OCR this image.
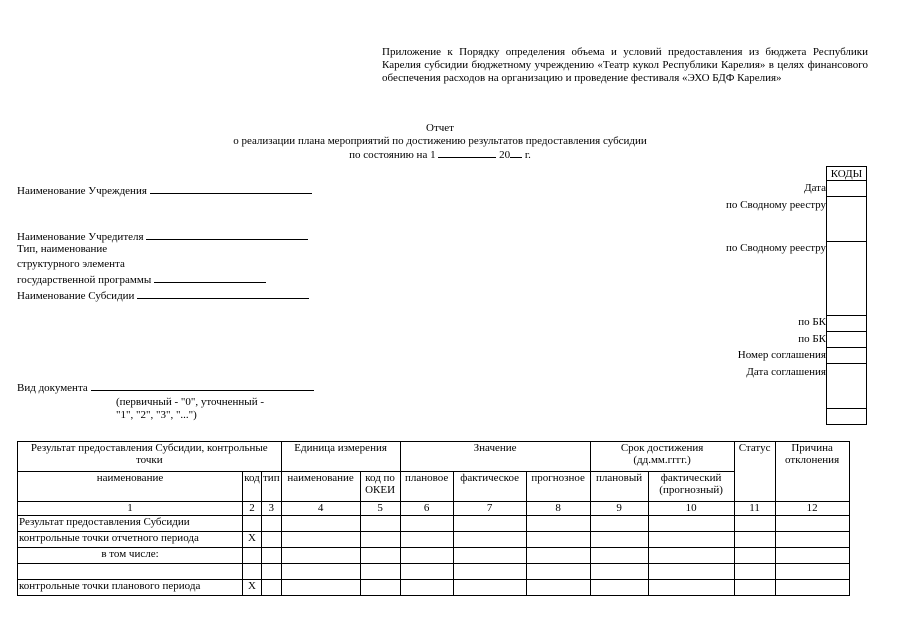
Приложение к Порядку определения объема и условий предоставления из бюджета Республики Карелия субсидии бюджетному учреждению «Театр кукол Республики Карелия» в целях финансового обеспечения расходов на организацию и проведение фестиваля «ЭХО БДФ Карелия»
Отчет
о реализации плана мероприятий по достижению результатов предоставления субсидии
по состоянию на 1	20 г.
Наименование Учреждения
Наименование Учредителя
Тип, наименование
структурного элемента
государственной программы
Наименование Субсидии
Вид документа
(первичный - "0", уточненный -
"1", "2", "3", "...")
Дата
по Сводному реестру
по Сводному реестру
по БК
по БК
Номер соглашения
Дата соглашения
КОДЫ
Результат предоставления Субсидии, контрольные точки			Единица измерения		Значение			Срок достижения (дд.мм.гггг.)		Статус	Причина отклонения
наименование	код	тип	наименование	код по ОКЕИ	плановое	фактическое	прогнозное	плановый	фактический (прогнозный)		
1	2	3	4	5	6	7	8	9	10	11	12
Результат предоставления Субсидии											
контрольные точки отчетного периода	X										
в том числе:											

контрольные точки планового периода	X										
